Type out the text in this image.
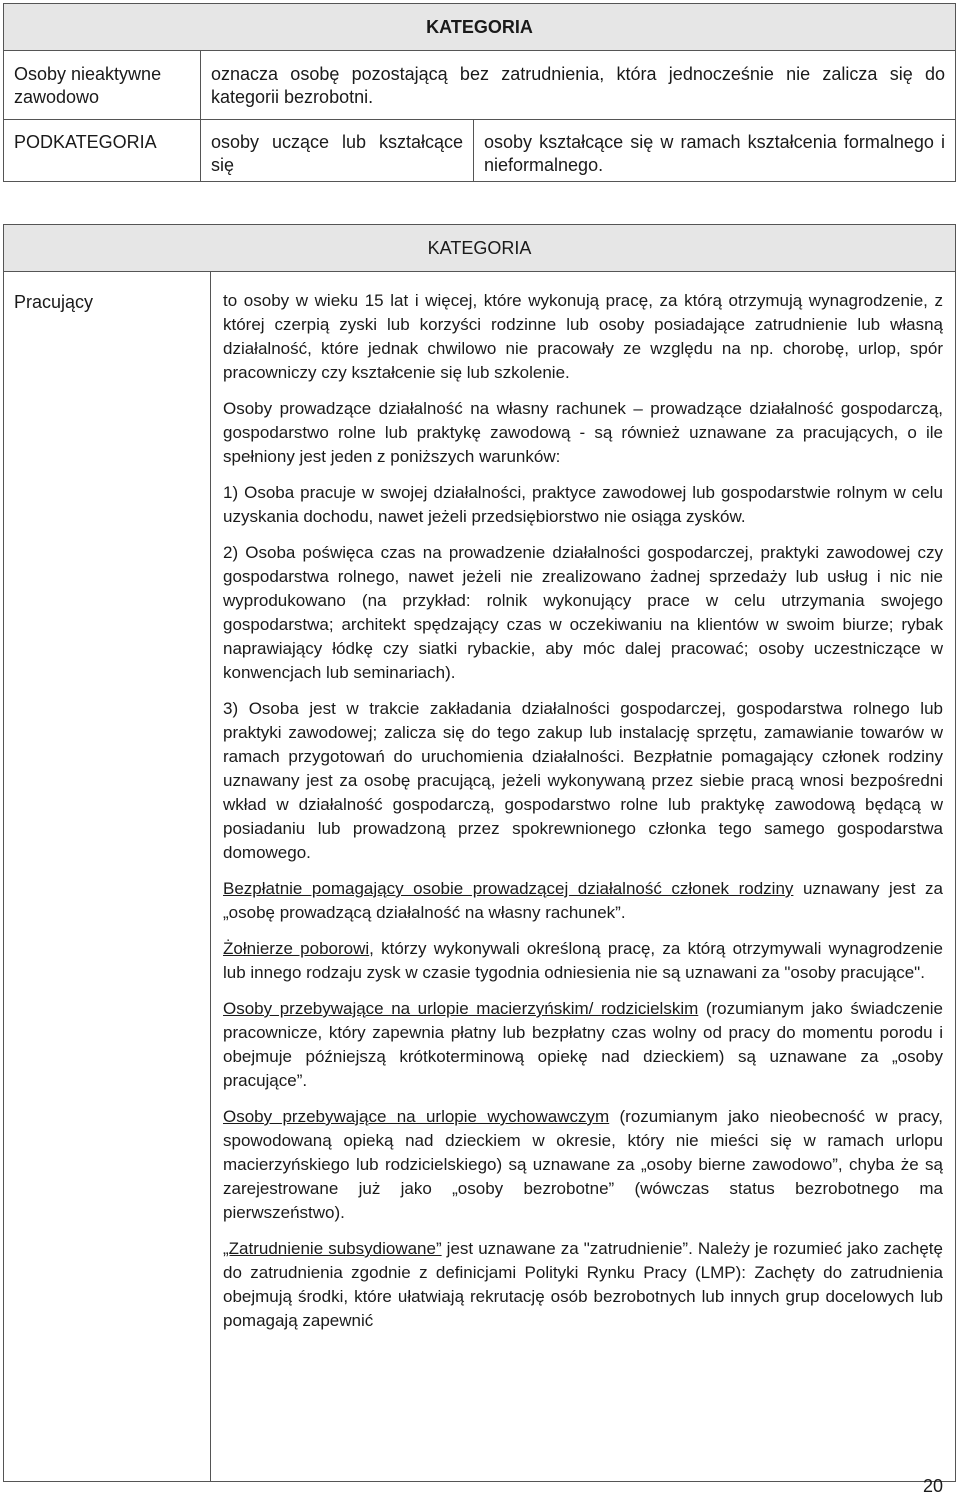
KATEGORIA		
Osoby nieaktywne zawodowo	oznacza osobę pozostającą bez zatrudnienia, która jednocześnie nie zalicza się do kategorii bezrobotni.	
PODKATEGORIA	osoby uczące lub kształcące się	osoby kształcące się w ramach kształcenia formalnego i nieformalnego.
KATEGORIA
Pracujący	to osoby w wieku 15 lat i więcej, które wykonują pracę, za którą otrzymują wynagrodzenie, z której czerpią zyski lub korzyści rodzinne lub osoby posiadające zatrudnienie lub własną działalność, które jednak chwilowo nie pracowały ze względu na np. chorobę, urlop, spór pracowniczy czy kształcenie się lub szkolenie.

Osoby prowadzące działalność na własny rachunek – prowadzące działalność gospodarczą, gospodarstwo rolne lub praktykę zawodową - są również uznawane za pracujących, o ile spełniony jest jeden z poniższych warunków:

1) Osoba pracuje w swojej działalności, praktyce zawodowej lub gospodarstwie rolnym w celu uzyskania dochodu, nawet jeżeli przedsiębiorstwo nie osiąga zysków.

2) Osoba poświęca czas na prowadzenie działalności gospodarczej, praktyki zawodowej czy gospodarstwa rolnego, nawet jeżeli nie zrealizowano żadnej sprzedaży lub usług i nic nie wyprodukowano (na przykład: rolnik wykonujący prace w celu utrzymania swojego gospodarstwa; architekt spędzający czas w oczekiwaniu na klientów w swoim biurze; rybak naprawiający łódkę czy siatki rybackie, aby móc dalej pracować; osoby uczestniczące w konwencjach lub seminariach).

3) Osoba jest w trakcie zakładania działalności gospodarczej, gospodarstwa rolnego lub praktyki zawodowej; zalicza się do tego zakup lub instalację sprzętu, zamawianie towarów w ramach przygotowań do uruchomienia działalności. Bezpłatnie pomagający członek rodziny uznawany jest za osobę pracującą, jeżeli wykonywaną przez siebie pracą wnosi bezpośredni wkład w działalność gospodarczą, gospodarstwo rolne lub praktykę zawodową będącą w posiadaniu lub prowadzoną przez spokrewnionego członka tego samego gospodarstwa domowego.

Bezpłatnie pomagający osobie prowadzącej działalność członek rodziny uznawany jest za „osobę prowadzącą działalność na własny rachunek”.

Żołnierze poborowi, którzy wykonywali określoną pracę, za którą otrzymywali wynagrodzenie lub innego rodzaju zysk w czasie tygodnia odniesienia nie są uznawani za "osoby pracujące".

Osoby przebywające na urlopie macierzyńskim/ rodzicielskim (rozumianym jako świadczenie pracownicze, który zapewnia płatny lub bezpłatny czas wolny od pracy do momentu porodu i obejmuje późniejszą krótkoterminową opiekę nad dzieckiem) są uznawane za „osoby pracujące”.

Osoby przebywające na urlopie wychowawczym (rozumianym jako nieobecność w pracy, spowodowaną opieką nad dzieckiem w okresie, który nie mieści się w ramach urlopu macierzyńskiego lub rodzicielskiego) są uznawane za „osoby bierne zawodowo”, chyba że są zarejestrowane już jako „osoby bezrobotne” (wówczas status bezrobotnego ma pierwszeństwo).

„Zatrudnienie subsydiowane” jest uznawane za "zatrudnienie”. Należy je rozumieć jako zachętę do zatrudnienia zgodnie z definicjami Polityki Rynku Pracy (LMP): Zachęty do zatrudnienia obejmują środki, które ułatwiają rekrutację osób bezrobotnych lub innych grup docelowych lub pomagają zapewnić

20
